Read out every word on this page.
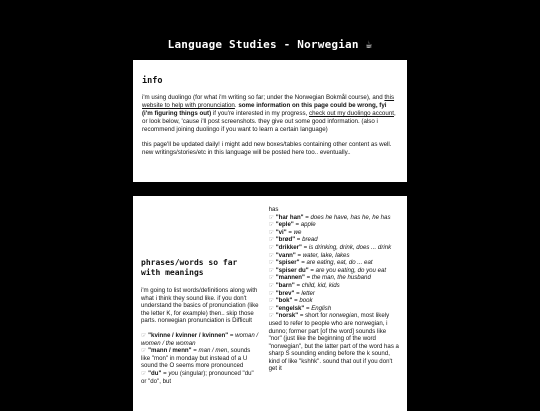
Language Studies - Norwegian ☕
info

i'm using duolingo (for what i'm writing so far; under the Norwegian Bokmål course), and this website to help with pronunciation. some information on this page could be wrong, fyi (i'm figuring things out) if you're interested in my progress, check out my duolingo account, or look below, 'cause i'll post screenshots. they give out some good information. (also i recommend joining duolingo if you want to learn a certain language)

this page'll be updated daily! i might add new boxes/tables containing other content as well. new writings/stories/etc in this language will be posted here too.. eventually..

phrases/words so far with meanings

i'm going to list words/definitions along with what i think they sound like. if you don't understand the basics of pronunciation (like the letter K, for example) then.. skip those parts. norwegian pronunciation is Difficult

☞ "kvinne / kvinner / kvinnen" = woman / women / the woman
☞ "mann / menn" = man / men, sounds like "mon" in monday but instead of a U sound the O seems more pronounced
☞ "du" = you (singular); pronounced "du" or "do", but
has
☞ "har han" = does he have, has he, he has
☞ "eple" = apple
☞ "vi" = we
☞ "brød" = bread
☞ "drikker" = is drinking, drink, does ... drink
☞ "vann" = water, lake, lakes
☞ "spiser" = are eating, eat, do ... eat
☞ "spiser du" = are you eating, do you eat
☞ "mannen" = the man, the husband
☞ "barn" = child, kid, kids
☞ "brev" = letter
☞ "bok" = book
☞ "engelsk" = English
☞ "norsk" = short for norwegian, most likely used to refer to people who are norwegian, i dunno; former part [of the word] sounds like "nor" (just like the beginning of the word "norwegian", but the latter part of the word has a sharp S sounding ending before the k sound, kind of like "kshhk". sound that out if you don't get it
